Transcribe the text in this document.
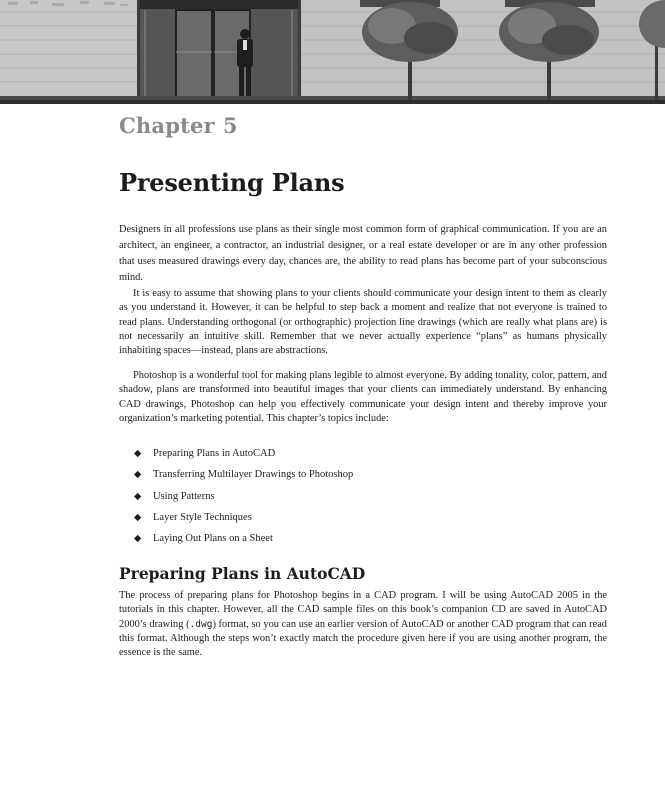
Chapter 5
Presenting Plans

Designers in all professions use plans as their single most common form of graphical communication. If you are an architect, an engineer, a contractor, an industrial designer, or a real estate developer or are in any other profession that uses measured drawings every day, chances are, the ability to read plans has become part of your subconscious mind.

It is easy to assume that showing plans to your clients should communicate your design intent to them as clearly as you understand it. However, it can be helpful to step back a moment and realize that not everyone is trained to read plans. Understanding orthogonal (or orthographic) projection line drawings (which are really what plans are) is not necessarily an intuitive skill. Remember that we never actually experience “plans” as humans physically inhabiting spaces—instead, plans are abstractions.

Photoshop is a wonderful tool for making plans legible to almost everyone. By adding tonality, color, pattern, and shadow, plans are transformed into beautiful images that your clients can immediately understand. By enhancing CAD drawings, Photoshop can help you effectively communicate your design intent and thereby improve your organization’s marketing potential. This chapter’s topics include:

◆ Preparing Plans in AutoCAD
◆ Transferring Multilayer Drawings to Photoshop
◆ Using Patterns
◆ Layer Style Techniques
◆ Laying Out Plans on a Sheet
Preparing Plans in AutoCAD

The process of preparing plans for Photoshop begins in a CAD program. I will be using AutoCAD 2005 in the tutorials in this chapter. However, all the CAD sample files on this book’s companion CD are saved in AutoCAD 2000’s drawing (.dwg) format, so you can use an earlier version of AutoCAD or another CAD program that can read this format. Although the steps won’t exactly match the procedure given here if you are using another program, the essence is the same.
